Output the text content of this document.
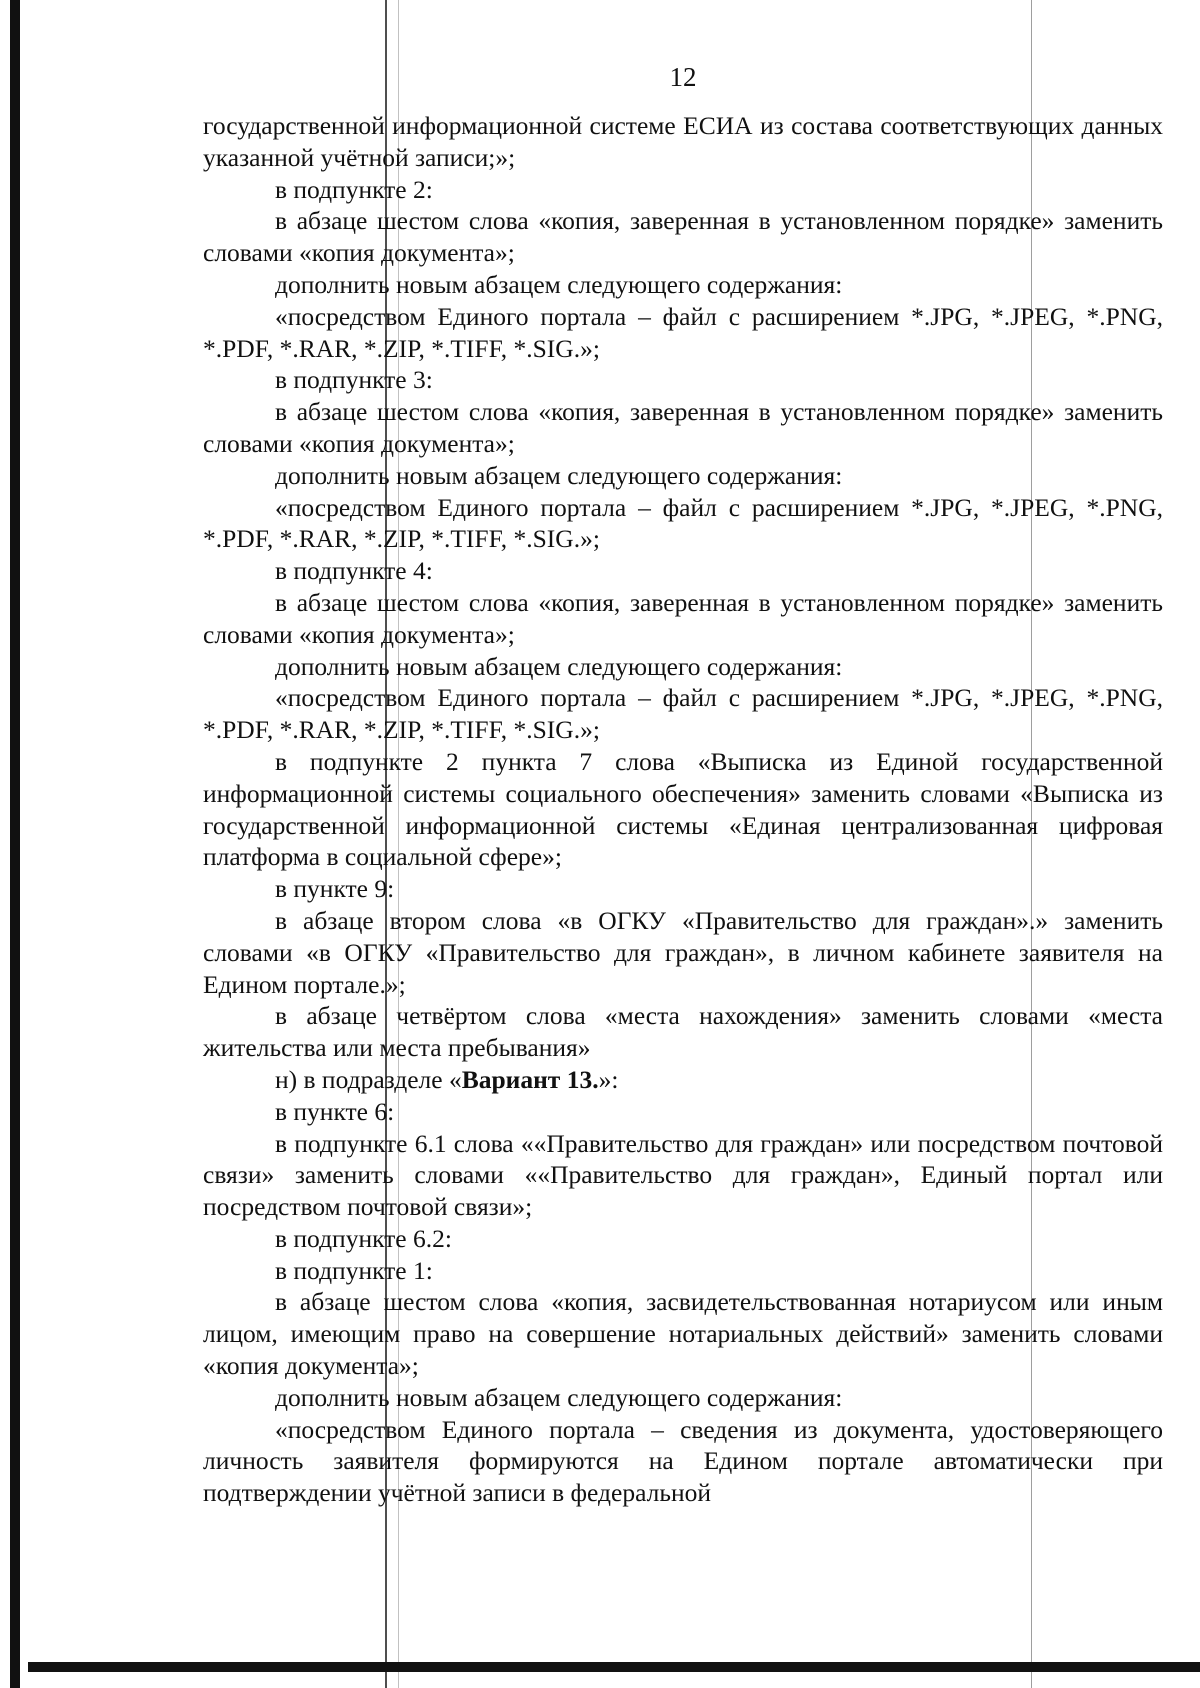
12

государственной информационной системе ЕСИА из состава соответствующих данных указанной учётной записи;»;

в подпункте 2:

в абзаце шестом слова «копия, заверенная в установленном порядке» заменить словами «копия документа»;

дополнить новым абзацем следующего содержания:

«посредством Единого портала – файл с расширением *.JPG, *.JPEG, *.PNG, *.PDF, *.RAR, *.ZIP, *.TIFF, *.SIG.»;

в подпункте 3:

в абзаце шестом слова «копия, заверенная в установленном порядке» заменить словами «копия документа»;

дополнить новым абзацем следующего содержания:

«посредством Единого портала – файл с расширением *.JPG, *.JPEG, *.PNG, *.PDF, *.RAR, *.ZIP, *.TIFF, *.SIG.»;

в подпункте 4:

в абзаце шестом слова «копия, заверенная в установленном порядке» заменить словами «копия документа»;

дополнить новым абзацем следующего содержания:

«посредством Единого портала – файл с расширением *.JPG, *.JPEG, *.PNG, *.PDF, *.RAR, *.ZIP, *.TIFF, *.SIG.»;

в подпункте 2 пункта 7 слова «Выписка из Единой государственной информационной системы социального обеспечения» заменить словами «Выписка из государственной информационной системы «Единая централизованная цифровая платформа в социальной сфере»;

в пункте 9:

в абзаце втором слова «в ОГКУ «Правительство для граждан».» заменить словами «в ОГКУ «Правительство для граждан», в личном кабинете заявителя на Едином портале.»;

в абзаце четвёртом слова «места нахождения» заменить словами «места жительства или места пребывания»

н) в подразделе «Вариант 13.»:

в пункте 6:

в подпункте 6.1 слова ««Правительство для граждан» или посредством почтовой связи» заменить словами ««Правительство для граждан», Единый портал или посредством почтовой связи»;

в подпункте 6.2:

в подпункте 1:

в абзаце шестом слова «копия, засвидетельствованная нотариусом или иным лицом, имеющим право на совершение нотариальных действий» заменить словами «копия документа»;

дополнить новым абзацем следующего содержания:

«посредством Единого портала – сведения из документа, удостоверяющего личность заявителя формируются на Едином портале автоматически при подтверждении учётной записи в федеральной
